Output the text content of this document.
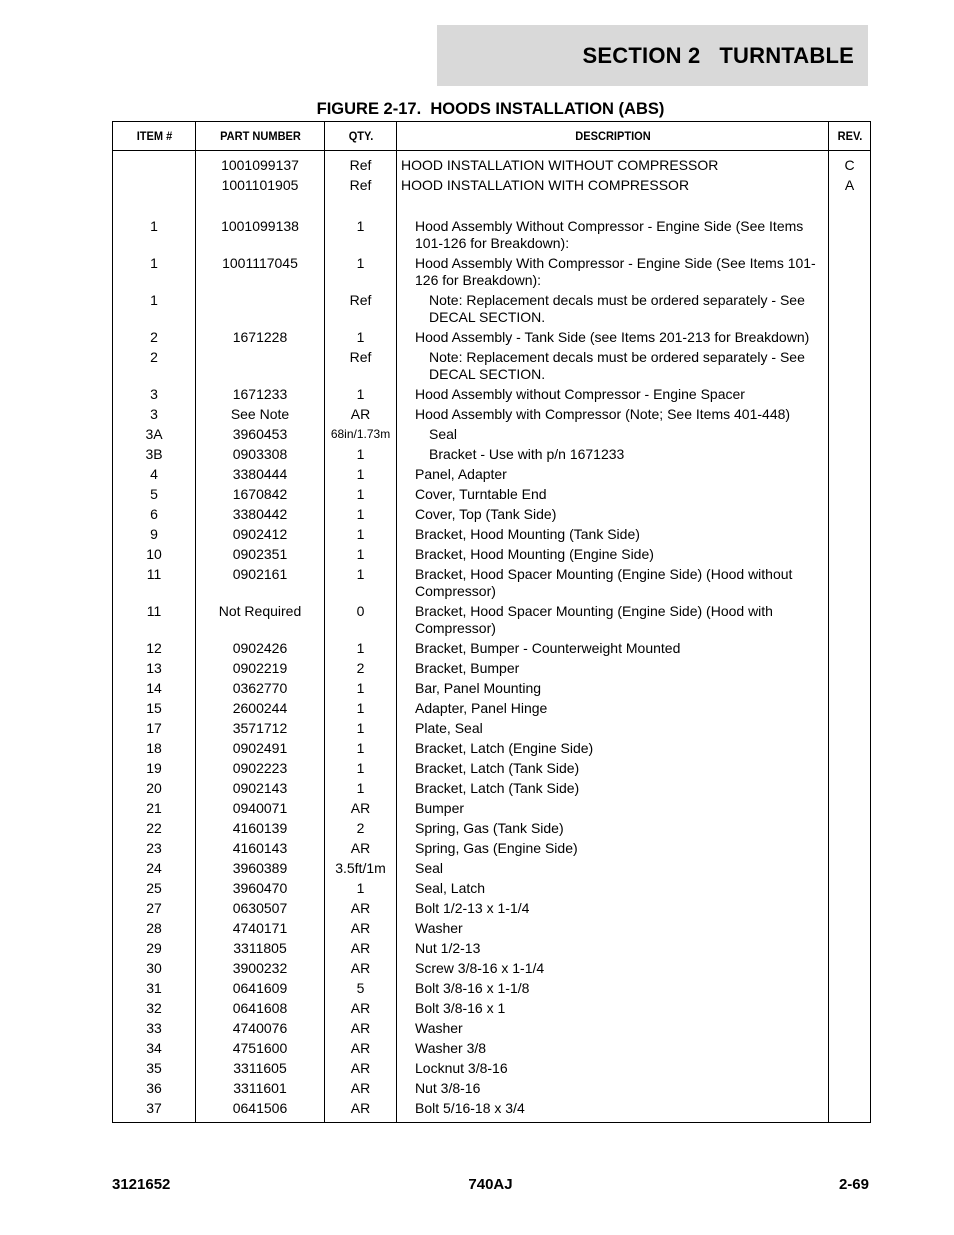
SECTION 2   TURNTABLE
FIGURE 2-17.  HOODS INSTALLATION (ABS)
ITEM #	PART NUMBER	QTY.	DESCRIPTION	REV.
	1001099137	Ref	HOOD INSTALLATION WITHOUT COMPRESSOR	C
	1001101905	Ref	HOOD INSTALLATION WITH COMPRESSOR	A
1	1001099138	1	Hood Assembly Without Compressor - Engine Side (See Items 101-126 for Breakdown):	

1	1001117045	1	Hood Assembly With Compressor - Engine Side (See Items 101-126 for Breakdown):	

1		Ref	Note: Replacement decals must be ordered separately - See DECAL SECTION.	

2	1671228	1	Hood Assembly - Tank Side (see Items 201-213 for Breakdown)	

2		Ref	Note: Replacement decals must be ordered separately - See DECAL SECTION.	

3	1671233	1	Hood Assembly without Compressor - Engine Spacer	

3	See Note	AR	Hood Assembly with Compressor (Note; See Items 401-448)	

3A	3960453	68in/1.73m	Seal	

3B	0903308	1	Bracket - Use with p/n 1671233	

4	3380444	1	Panel, Adapter	

5	1670842	1	Cover, Turntable End	

6	3380442	1	Cover, Top (Tank Side)	

9	0902412	1	Bracket, Hood Mounting (Tank Side)	

10	0902351	1	Bracket, Hood Mounting (Engine Side)	

11	0902161	1	Bracket, Hood Spacer Mounting (Engine Side) (Hood without Compressor)	

11	Not Required	0	Bracket, Hood Spacer Mounting (Engine Side) (Hood with Compressor)	

12	0902426	1	Bracket, Bumper - Counterweight Mounted	

13	0902219	2	Bracket, Bumper	

14	0362770	1	Bar, Panel Mounting	

15	2600244	1	Adapter, Panel Hinge	

17	3571712	1	Plate, Seal	

18	0902491	1	Bracket, Latch (Engine Side)	

19	0902223	1	Bracket, Latch (Tank Side)	

20	0902143	1	Bracket, Latch (Tank Side)	

21	0940071	AR	Bumper	

22	4160139	2	Spring, Gas (Tank Side)	

23	4160143	AR	Spring, Gas (Engine Side)	

24	3960389	3.5ft/1m	Seal	

25	3960470	1	Seal, Latch	

27	0630507	AR	Bolt 1/2-13 x 1-1/4	

28	4740171	AR	Washer	

29	3311805	AR	Nut 1/2-13	

30	3900232	AR	Screw 3/8-16 x 1-1/4	

31	0641609	5	Bolt 3/8-16 x 1-1/8	

32	0641608	AR	Bolt 3/8-16 x 1	

33	4740076	AR	Washer	

34	4751600	AR	Washer 3/8	

35	3311605	AR	Locknut 3/8-16	

36	3311601	AR	Nut 3/8-16	

37	0641506	AR	Bolt 5/16-18 x 3/4	

3121652	740AJ	2-69
